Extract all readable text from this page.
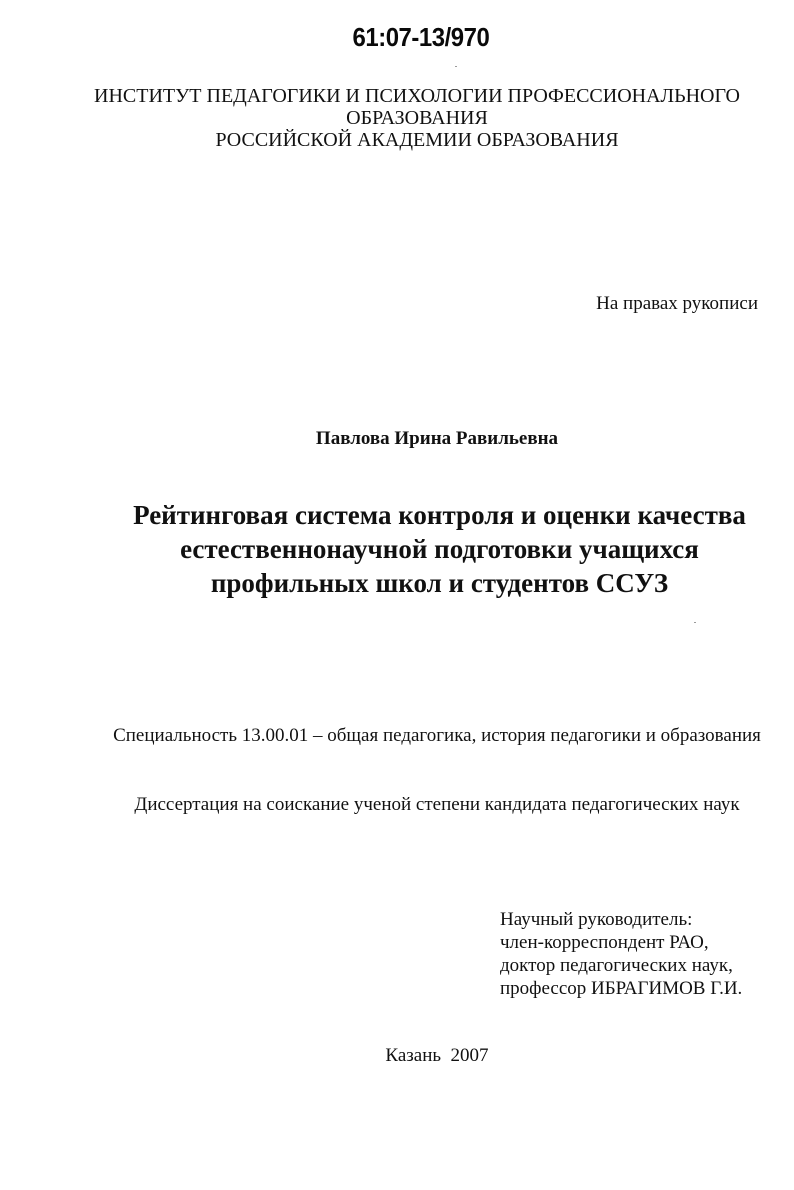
61:07-13/970
ИНСТИТУТ ПЕДАГОГИКИ И ПСИХОЛОГИИ ПРОФЕССИОНАЛЬНОГО
ОБРАЗОВАНИЯ
РОССИЙСКОЙ АКАДЕМИИ ОБРАЗОВАНИЯ
На правах рукописи
Павлова Ирина Равильевна
Рейтинговая система контроля и оценки качества
естественнонаучной подготовки учащихся
профильных школ и студентов ССУЗ
Специальность 13.00.01 – общая педагогика, история педагогики и образования
Диссертация на соискание ученой степени кандидата педагогических наук
Научный руководитель:
член-корреспондент РАО,
доктор педагогических наук,
профессор ИБРАГИМОВ Г.И.
Казань  2007
